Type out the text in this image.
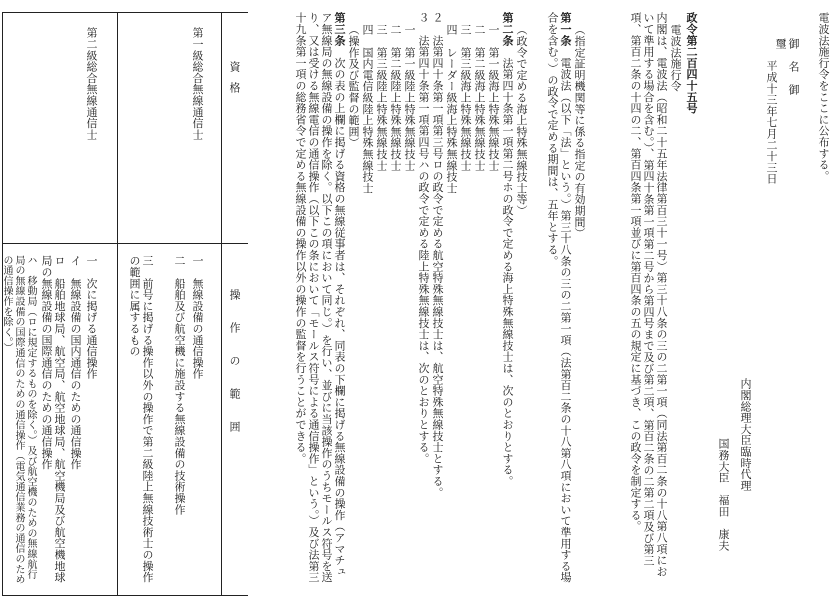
電波法施行令をここに公布する。
御名御璽
平成十三年七月二十三日
内閣総理大臣臨時代理
国務大臣　福田　康夫
政令第二百四十五号
電波法施行令
内閣は、電波法（昭和二十五年法律第百三十一号）第三十八条の三の二第一項（同法第百二条の十八第八項において準用する場合を含む。）、第四十条第一項第二号から第四号まで及び第二項、第百二条の二第二項及び第三項、第百二条の十四の二、第百四条第一項並びに第百四条の五の規定に基づき、この政令を制定する。
（指定証明機関等に係る指定の有効期間）
第一条　電波法（以下「法」という。）第三十八条の三の二第一項（法第百二条の十八第八項において準用する場合を含む。）の政令で定める期間は、五年とする。
（政令で定める海上特殊無線技士等）
第二条　法第四十条第一項第二号ホの政令で定める海上特殊無線技士は、次のとおりとする。
一　第一級海上特殊無線技士
二　第二級海上特殊無線技士
三　第三級海上特殊無線技士
四　レーダー級海上特殊無線技士
２　法第四十条第一項第三号ロの政令で定める航空特殊無線技士は、航空特殊無線技士とする。
３　法第四十条第一項第四号ハの政令で定める陸上特殊無線技士は、次のとおりとする。
一　第一級陸上特殊無線技士
二　第二級陸上特殊無線技士
三　第三級陸上特殊無線技士
四　国内電信級陸上特殊無線技士
（操作及び監督の範囲）
第三条　次の表の上欄に掲げる資格の無線従事者は、それぞれ、同表の下欄に掲げる無線設備の操作（アマチュア無線局の無線設備の操作を除く。以下この項において同じ。）を行い、並びに当該操作のうちモールス符号を送り、又は受ける無線電信の通信操作（以下この条において「モールス符号による通信操作」という。）及び法第三十九条第一項の総務省令で定める無線設備の操作以外の操作の監督を行うことができる。
資格
操作の範囲
第一級総合無線通信士
一　無線設備の通信操作
二　船舶及び航空機に施設する無線設備の技術操作
三　前号に掲げる操作以外の操作で第二級陸上無線技術士の操作の範囲に属するもの
第二級総合無線通信士
一　次に掲げる通信操作
イ　無線設備の国内通信のための通信操作
ロ　船舶地球局、航空局、航空地球局、航空機局及び航空機地球局の無線設備の国際通信のための通信操作
ハ　移動局（ロに規定するものを除く。）及び航空機のための無線航行局の無線設備の国際通信のための通信操作（電気通信業務の通信のための通信操作を除く。）
